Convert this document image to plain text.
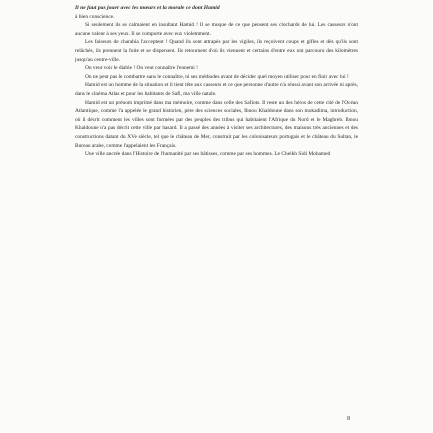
Il ne faut pas jouer avec les mœurs et la morale ce dont Hamid

à bien conscience.

Si seulement ils se calmaient en insultant Hamid ! Il se moque de ce que pensent ses clochards de lui. Les casseurs n'ont aucune valeur à ses yeux. Il se comporte avec eux violemment.

Les faiseurs de charabia l'acceptent ! Quand ils sont attrapés par les vigiles, ils reçoivent coups et gifles et dès qu'ils sont relâchés, ils prennent la fuite et se dispersent. Ils retournent d'où ils viennent et certains d'entre eux ont parcouru des kilomètres jusqu'au centre-ville.

On veut voir le diable ! On veut connaître l'ennemi !

On ne peut pas le combattre sans le connaître, ni ses méthodes avant de décider quel moyen utiliser pour en finir avec lui !

Hamid est un homme de la situation et il tient tête aux casseurs et ce que personne d'autre n'a réussi avant son arrivée ni après, dans le cinéma Atlas et pour les habitants de Safi, ma ville natale.

Hamid est un prénom imprimé dans ma mémoire, comme dans celle des Safiots. Il reste un des héros de cette cité de l'Océan Atlantique, comme l'a appelée le grand historien, père des sciences sociales, Ibnou Khaldoune dans son mokadima, introduction, où il décrit comment les villes sont formées par des peuples des tribus qui habitaient l'Afrique du Nord et le Maghreb. Ibnou Khaldoune n'a pas décrit cette ville par hasard. Il a passé des années à visiter ses architectures, des maisons très anciennes et des constructions datant du XVe siècle, tel que le château de Mer, construit par les colonisateurs portugais et le château du Sultan, le Bureau arabe, comme l'appelaient les Français.

Une ville ancrée dans l'Histoire de l'humanité par ses bâtisses, comme par ses hommes. Le Cheikh Sidi Mohamed

8
